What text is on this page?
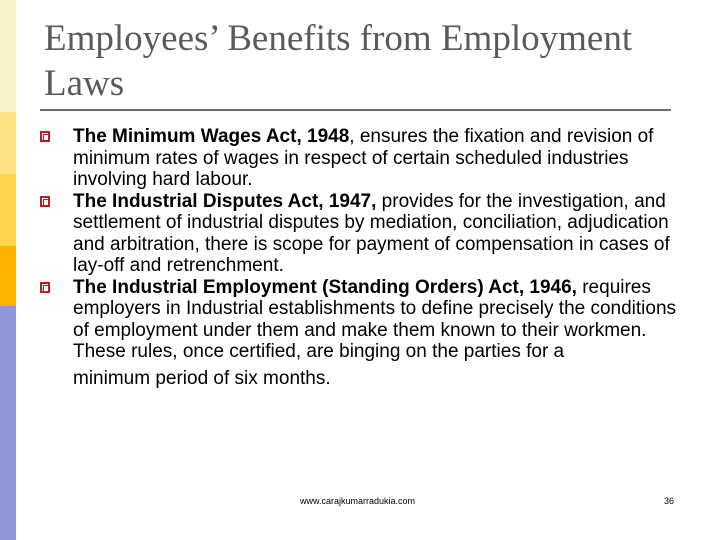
Employees’ Benefits from Employment Laws
The Minimum Wages Act, 1948, ensures the fixation and revision of minimum rates of wages in respect of certain scheduled industries involving hard labour.
The Industrial Disputes Act, 1947, provides for the investigation, and settlement of industrial disputes by mediation, conciliation, adjudication and arbitration, there is scope for payment of compensation in cases of lay-off and retrenchment.
The Industrial Employment (Standing Orders) Act, 1946, requires employers in Industrial establishments to define precisely the conditions of employment under them and make them known to their workmen. These rules, once certified, are binging on the parties for a
minimum period of six months.
www.carajkumarradukia.com	36
